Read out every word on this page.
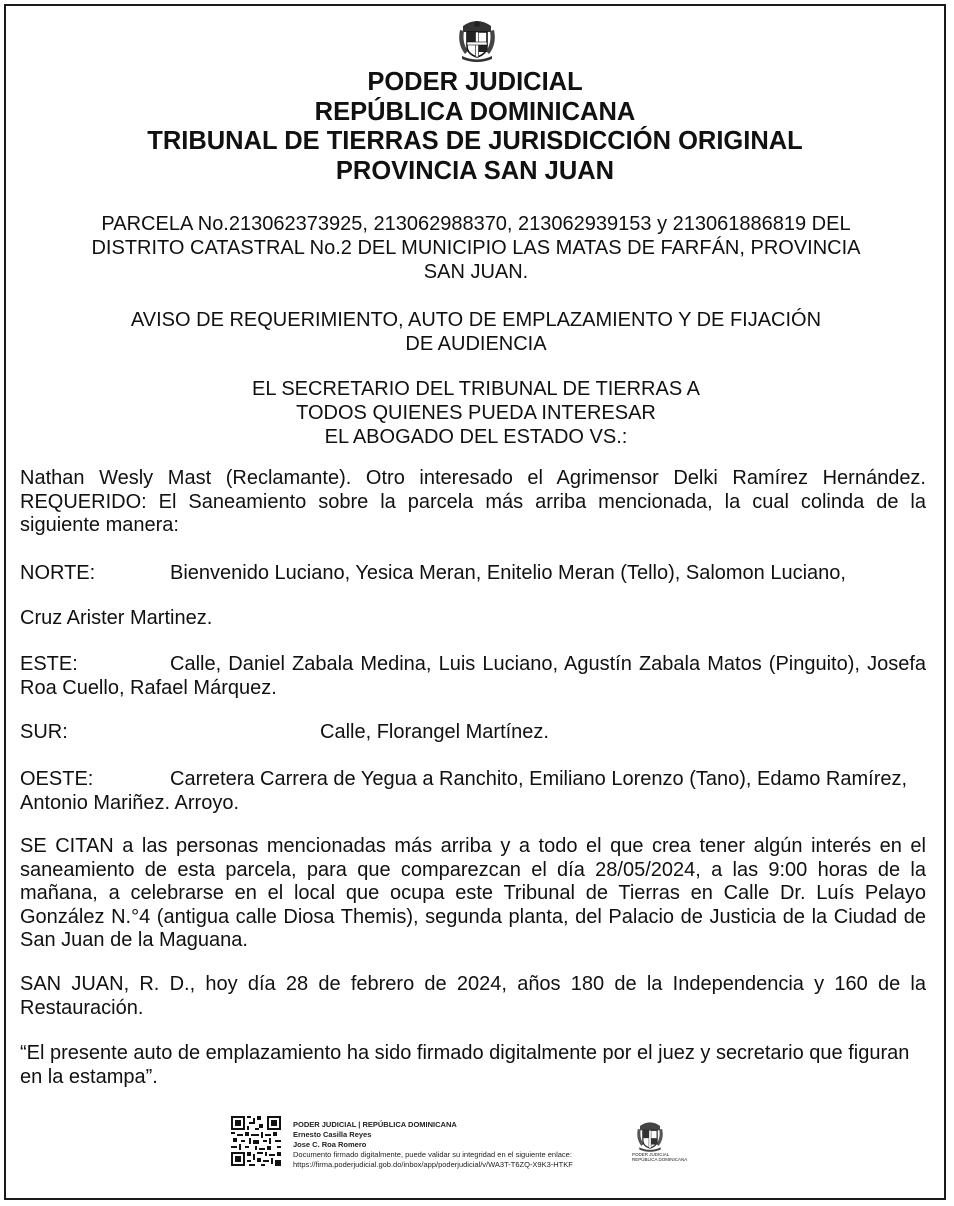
PODER JUDICIAL
REPÚBLICA DOMINICANA
TRIBUNAL DE TIERRAS DE JURISDICCIÓN ORIGINAL
PROVINCIA SAN JUAN
PARCELA No.213062373925, 213062988370, 213062939153 y 213061886819 DEL
DISTRITO CATASTRAL No.2 DEL MUNICIPIO LAS MATAS DE FARFÁN, PROVINCIA
SAN JUAN.
AVISO DE REQUERIMIENTO, AUTO DE EMPLAZAMIENTO Y DE FIJACIÓN
DE AUDIENCIA
EL SECRETARIO DEL TRIBUNAL DE TIERRAS A
TODOS QUIENES PUEDA INTERESAR
EL ABOGADO DEL ESTADO VS.:
Nathan Wesly Mast (Reclamante). Otro interesado el Agrimensor Delki Ramírez Hernández. REQUERIDO: El Saneamiento sobre la parcela más arriba mencionada, la cual colinda de la siguiente manera:
NORTE:	Bienvenido Luciano, Yesica Meran, Enitelio Meran (Tello), Salomon Luciano,
Cruz Arister Martinez.
ESTE:	Calle, Daniel Zabala Medina, Luis Luciano, Agustín Zabala Matos (Pinguito), Josefa Roa Cuello, Rafael Márquez.
SUR:	Calle, Florangel Martínez.
OESTE:	Carretera Carrera de Yegua a Ranchito, Emiliano Lorenzo (Tano), Edamo Ramírez, Antonio Mariñez. Arroyo.
SE CITAN a las personas mencionadas más arriba y a todo el que crea tener algún interés en el saneamiento de esta parcela, para que comparezcan el día 28/05/2024, a las 9:00 horas de la mañana, a celebrarse en el local que ocupa este Tribunal de Tierras en Calle Dr. Luís Pelayo González N.°4 (antigua calle Diosa Themis), segunda planta, del Palacio de Justicia de la Ciudad de San Juan de la Maguana.
SAN JUAN, R. D., hoy día 28 de febrero de 2024, años 180 de la Independencia y 160 de la Restauración.
“El presente auto de emplazamiento ha sido firmado digitalmente por el juez y secretario que figuran en la estampa”.
PODER JUDICIAL | REPÚBLICA DOMINICANA
Ernesto Casilla Reyes
Jose C. Roa Romero
Documento firmado digitalmente, puede validar su integridad en el siguiente enlace:
https://firma.poderjudicial.gob.do/inbox/app/poderjudicial/v/WA3T-T6ZQ-X9K3-HTKF
PODER JUDICIAL
REPÚBLICA DOMINICANA
